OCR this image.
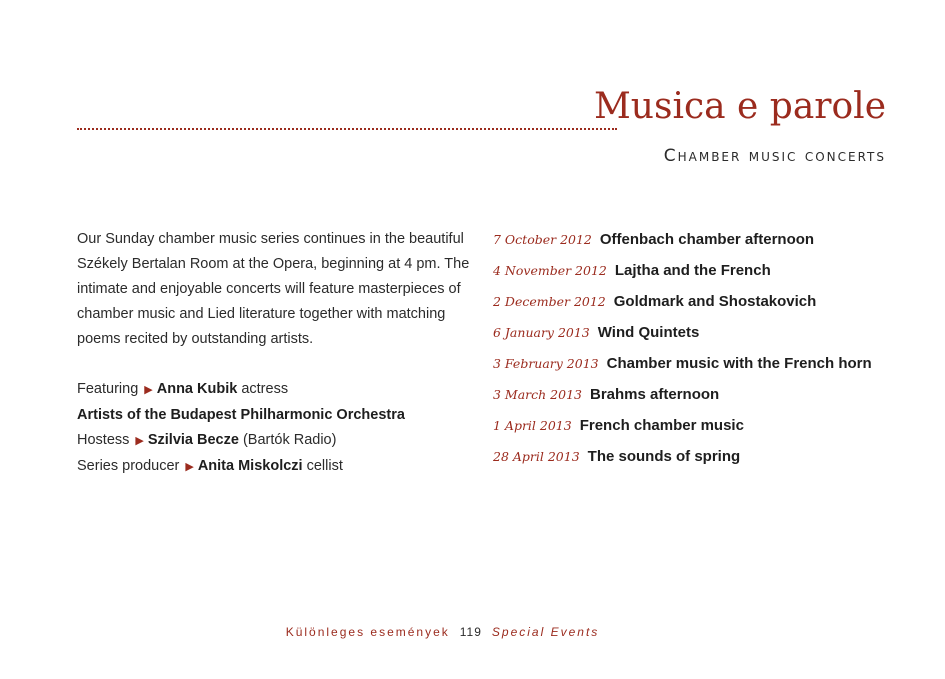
Musica e parole
Chamber music concerts

Our Sunday chamber music series continues in the beautiful Székely Bertalan Room at the Opera, beginning at 4 pm. The intimate and enjoyable concerts will feature masterpieces of chamber music and Lied literature together with matching poems recited by outstanding artists.

Featuring ▶ Anna Kubik actress
Artists of the Budapest Philharmonic Orchestra
Hostess ▶ Szilvia Becze (Bartók Radio)
Series producer ▶ Anita Miskolczi cellist
7 October 2012 Offenbach chamber afternoon
4 November 2012 Lajtha and the French
2 December 2012 Goldmark and Shostakovich
6 January 2013 Wind Quintets
3 February 2013 Chamber music with the French horn
3 March 2013 Brahms afternoon
1 April 2013 French chamber music
28 April 2013 The sounds of spring
Különleges események 119 Special Events
